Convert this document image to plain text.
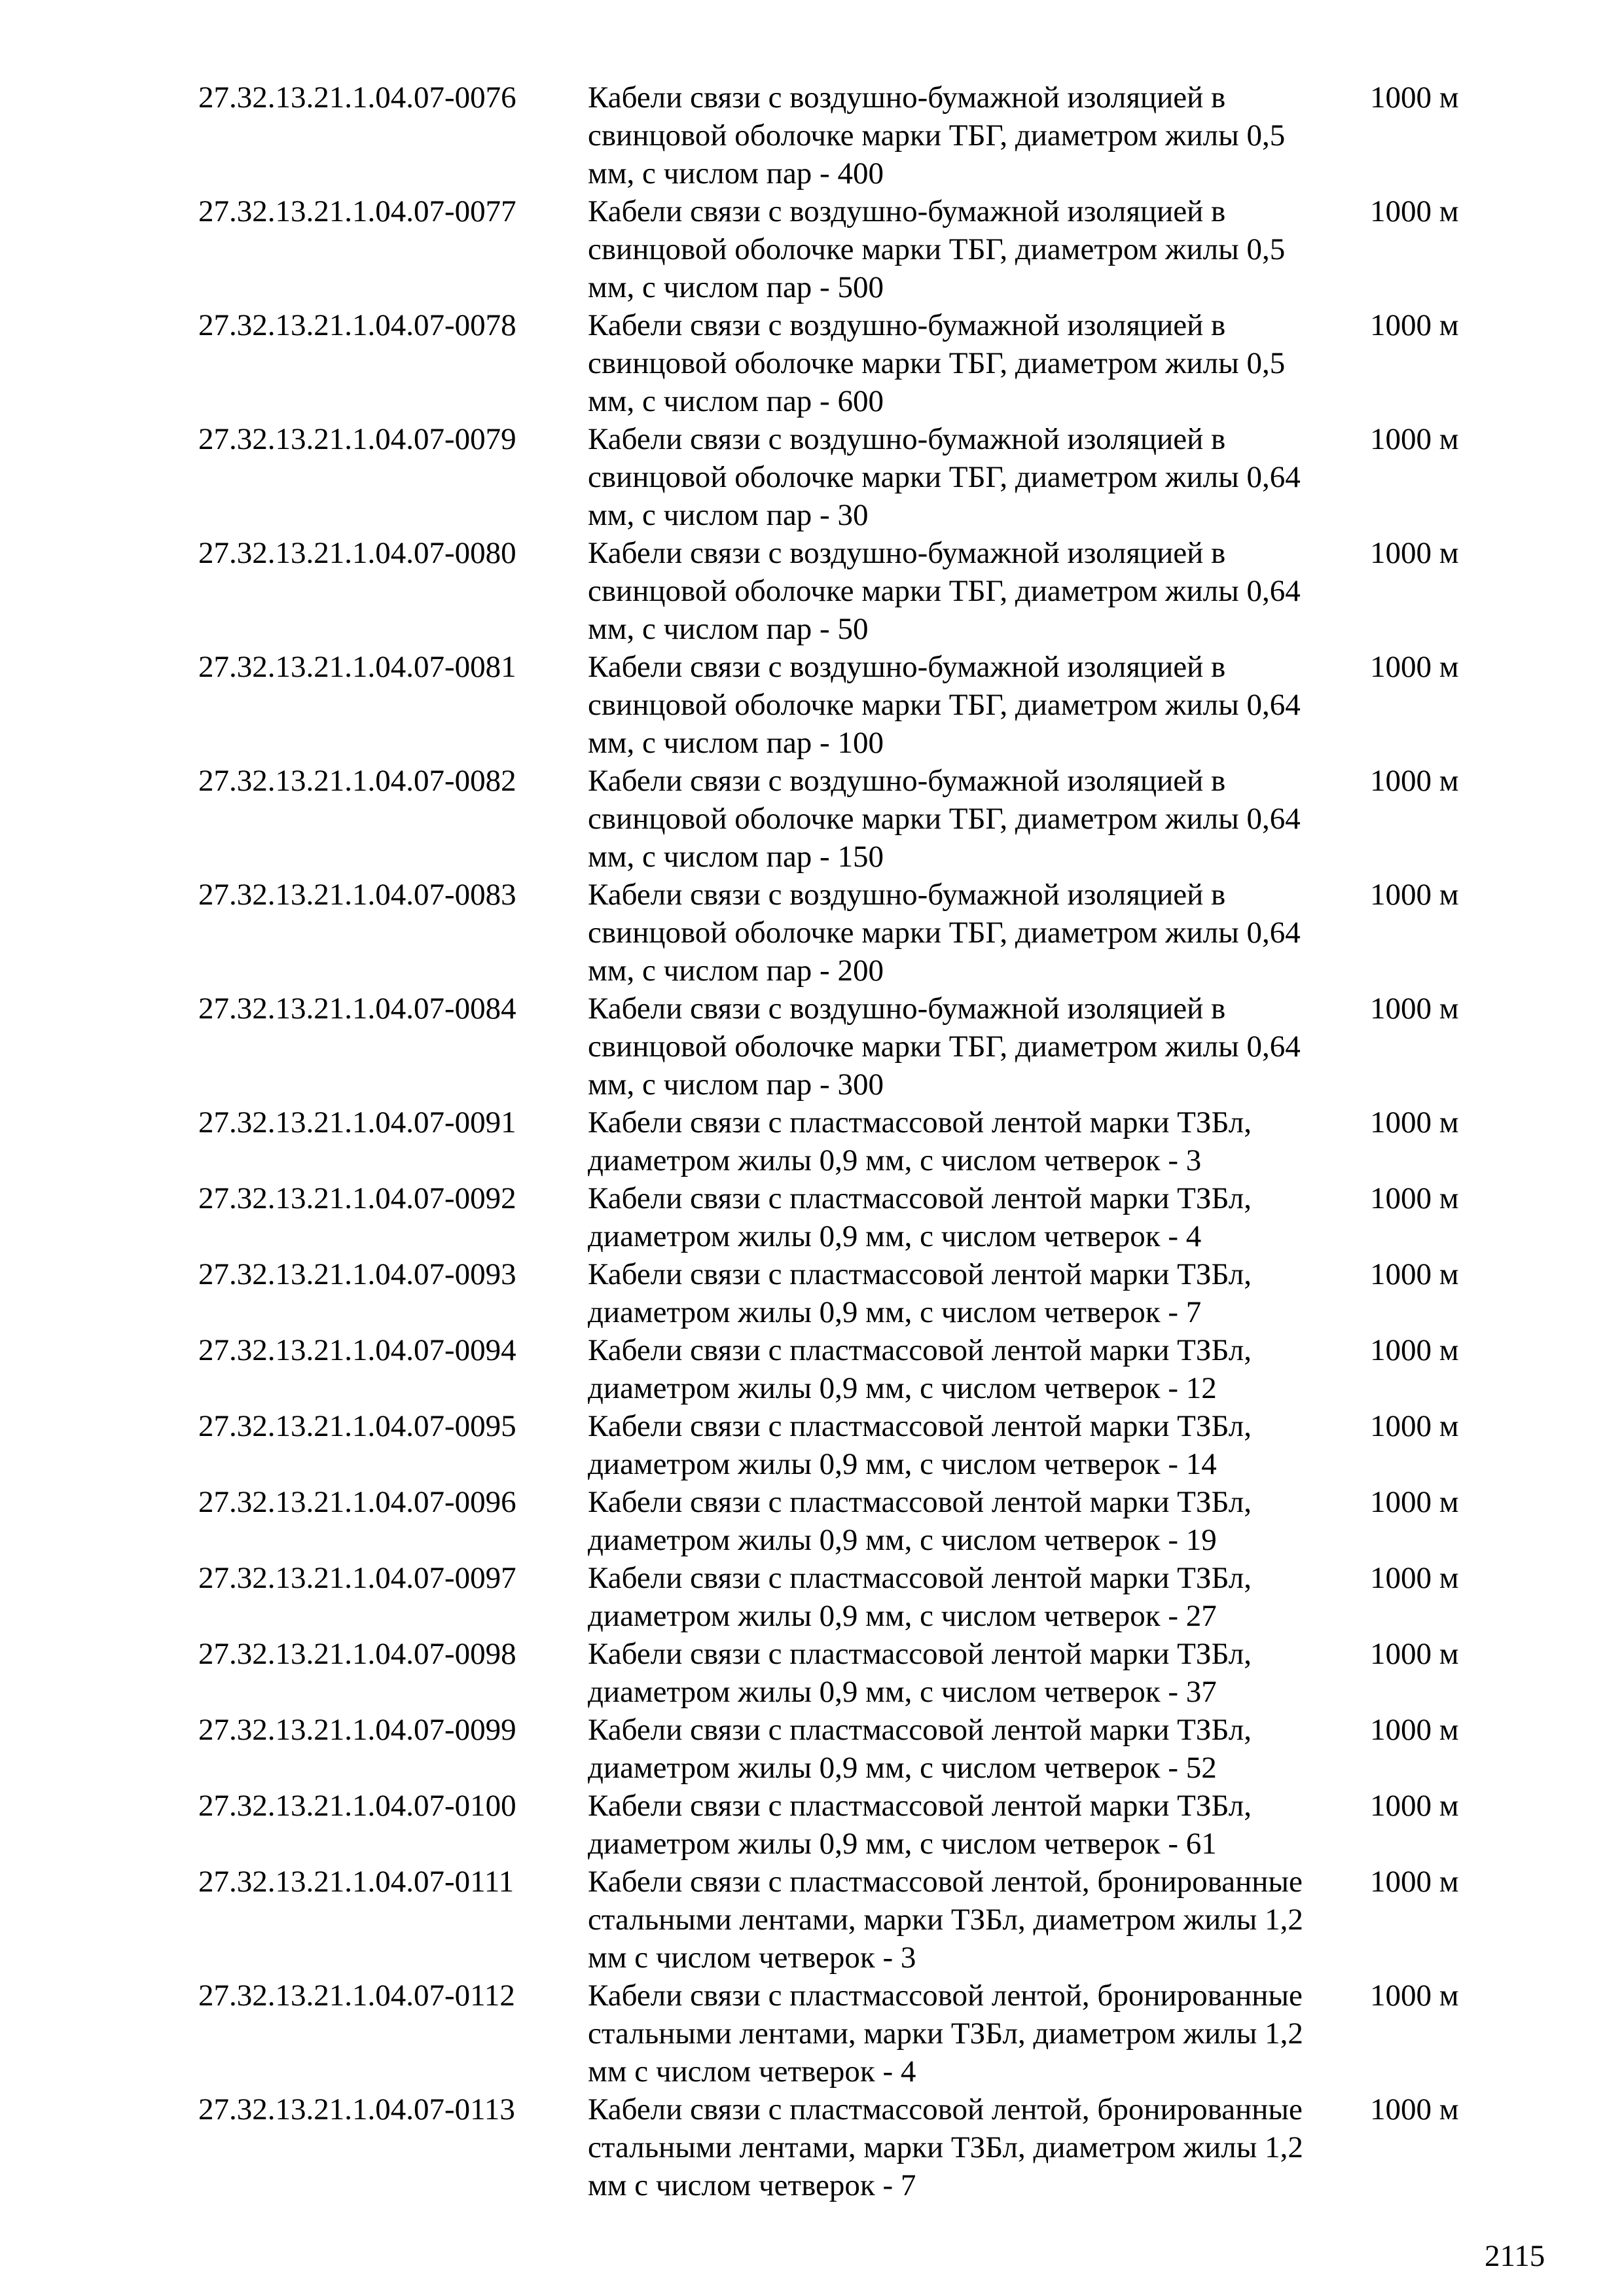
27.32.13.21.1.04.07-0076 Кабели связи с воздушно-бумажной изоляцией в
свинцовой оболочке марки ТБГ, диаметром жилы 0,5
мм, с числом пар - 400
1000 м
27.32.13.21.1.04.07-0077 Кабели связи с воздушно-бумажной изоляцией в
свинцовой оболочке марки ТБГ, диаметром жилы 0,5
мм, с числом пар - 500
1000 м
27.32.13.21.1.04.07-0078 Кабели связи с воздушно-бумажной изоляцией в
свинцовой оболочке марки ТБГ, диаметром жилы 0,5
мм, с числом пар - 600
1000 м
27.32.13.21.1.04.07-0079 Кабели связи с воздушно-бумажной изоляцией в
свинцовой оболочке марки ТБГ, диаметром жилы 0,64
мм, с числом пар - 30
1000 м
27.32.13.21.1.04.07-0080 Кабели связи с воздушно-бумажной изоляцией в
свинцовой оболочке марки ТБГ, диаметром жилы 0,64
мм, с числом пар - 50
1000 м
27.32.13.21.1.04.07-0081 Кабели связи с воздушно-бумажной изоляцией в
свинцовой оболочке марки ТБГ, диаметром жилы 0,64
мм, с числом пар - 100
1000 м
27.32.13.21.1.04.07-0082 Кабели связи с воздушно-бумажной изоляцией в
свинцовой оболочке марки ТБГ, диаметром жилы 0,64
мм, с числом пар - 150
1000 м
27.32.13.21.1.04.07-0083 Кабели связи с воздушно-бумажной изоляцией в
свинцовой оболочке марки ТБГ, диаметром жилы 0,64
мм, с числом пар - 200
1000 м
27.32.13.21.1.04.07-0084 Кабели связи с воздушно-бумажной изоляцией в
свинцовой оболочке марки ТБГ, диаметром жилы 0,64
мм, с числом пар - 300
1000 м
27.32.13.21.1.04.07-0091 Кабели связи с пластмассовой лентой марки ТЗБл,
диаметром жилы 0,9 мм, с числом четверок - 3
1000 м
27.32.13.21.1.04.07-0092 Кабели связи с пластмассовой лентой марки ТЗБл,
диаметром жилы 0,9 мм, с числом четверок - 4
1000 м
27.32.13.21.1.04.07-0093 Кабели связи с пластмассовой лентой марки ТЗБл,
диаметром жилы 0,9 мм, с числом четверок - 7
1000 м
27.32.13.21.1.04.07-0094 Кабели связи с пластмассовой лентой марки ТЗБл,
диаметром жилы 0,9 мм, с числом четверок - 12
1000 м
27.32.13.21.1.04.07-0095 Кабели связи с пластмассовой лентой марки ТЗБл,
диаметром жилы 0,9 мм, с числом четверок - 14
1000 м
27.32.13.21.1.04.07-0096 Кабели связи с пластмассовой лентой марки ТЗБл,
диаметром жилы 0,9 мм, с числом четверок - 19
1000 м
27.32.13.21.1.04.07-0097 Кабели связи с пластмассовой лентой марки ТЗБл,
диаметром жилы 0,9 мм, с числом четверок - 27
1000 м
27.32.13.21.1.04.07-0098 Кабели связи с пластмассовой лентой марки ТЗБл,
диаметром жилы 0,9 мм, с числом четверок - 37
1000 м
27.32.13.21.1.04.07-0099 Кабели связи с пластмассовой лентой марки ТЗБл,
диаметром жилы 0,9 мм, с числом четверок - 52
1000 м
27.32.13.21.1.04.07-0100 Кабели связи с пластмассовой лентой марки ТЗБл,
диаметром жилы 0,9 мм, с числом четверок - 61
1000 м
27.32.13.21.1.04.07-0111 Кабели связи с пластмассовой лентой, бронированные
стальными лентами, марки ТЗБл, диаметром жилы 1,2
мм с числом четверок - 3
1000 м
27.32.13.21.1.04.07-0112 Кабели связи с пластмассовой лентой, бронированные
стальными лентами, марки ТЗБл, диаметром жилы 1,2
мм с числом четверок - 4
1000 м
27.32.13.21.1.04.07-0113 Кабели связи с пластмассовой лентой, бронированные
стальными лентами, марки ТЗБл, диаметром жилы 1,2
мм с числом четверок - 7
1000 м
2115
